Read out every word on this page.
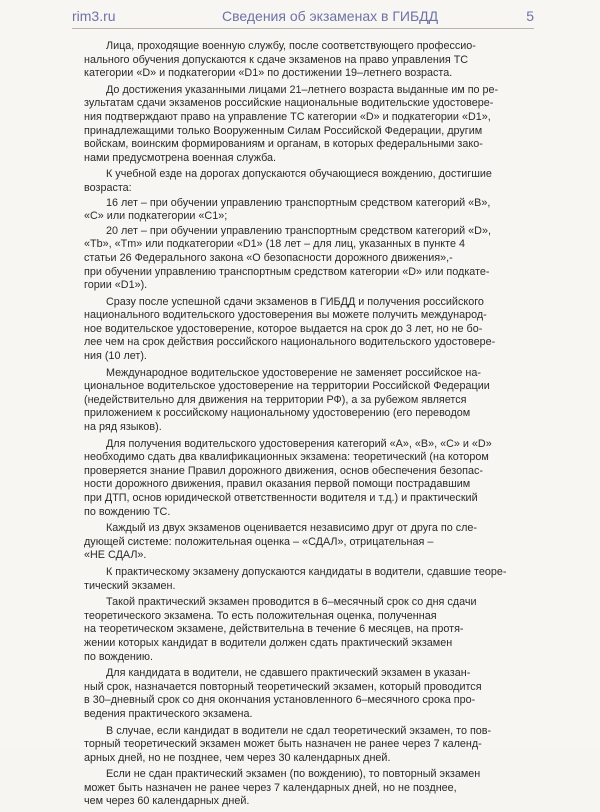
rim3.ru	Сведения об экзаменах в ГИБДД	5

Лица, проходящие военную службу, после соответствующего профессио-
нального обучения допускаются к сдаче экзаменов на право управления ТС
категории «D» и подкатегории «D1» по достижении 19–летнего возраста.

До достижения указанными лицами 21–летнего возраста выданные им по ре-
зультатам сдачи экзаменов российские национальные водительские удостовере-
ния подтверждают право на управление ТС категории «D» и подкатегории «D1»,
принадлежащими только Вооруженным Силам Российской Федерации, другим
войскам, воинским формированиям и органам, в которых федеральными зако-
нами предусмотрена военная служба.

К учебной езде на дорогах допускаются обучающиеся вождению, достигшие
возраста:

16 лет – при обучении управлению транспортным средством категорий «В»,
«С» или подкатегории «С1»;

20 лет – при обучении управлению транспортным средством категорий «D»,
«Tb», «Tm» или подкатегории «D1» (18 лет – для лиц, указанных в пункте 4
статьи 26 Федерального закона «О безопасности дорожного движения»,-
при обучении управлению транспортным средством категории «D» или подкате-
гории «D1»).

Сразу после успешной сдачи экзаменов в ГИБДД и получения российского
национального водительского удостоверения вы можете получить международ-
ное водительское удостоверение, которое выдается на срок до 3 лет, но не бо-
лее чем на срок действия российского национального водительского удостовере-
ния (10 лет).

Международное водительское удостоверение не заменяет российское на-
циональное водительское удостоверение на территории Российской Федерации
(недействительно для движения на территории РФ), а за рубежом является
приложением к российскому национальному удостоверению (его переводом
на ряд языков).

Для получения водительского удостоверения категорий «А», «В», «С» и «D»
необходимо сдать два квалификационных экзамена: теоретический (на котором
проверяется знание Правил дорожного движения, основ обеспечения безопас-
ности дорожного движения, правил оказания первой помощи пострадавшим
при ДТП, основ юридической ответственности водителя и т.д.) и практический
по вождению ТС.

Каждый из двух экзаменов оценивается независимо друг от друга по сле-
дующей системе: положительная оценка – «СДАЛ», отрицательная –
«НЕ СДАЛ».

К практическому экзамену допускаются кандидаты в водители, сдавшие теоре-
тический экзамен.

Такой практический экзамен проводится в 6–месячный срок со дня сдачи
теоретического экзамена. То есть положительная оценка, полученная
на теоретическом экзамене, действительна в течение 6 месяцев, на протя-
жении которых кандидат в водители должен сдать практический экзамен
по вождению.

Для кандидата в водители, не сдавшего практический экзамен в указан-
ный срок, назначается повторный теоретический экзамен, который проводится
в 30–дневный срок со дня окончания установленного 6–месячного срока про-
ведения практического экзамена.

В случае, если кандидат в водители не сдал теоретический экзамен, то пов-
торный теоретический экзамен может быть назначен не ранее через 7 календ-
арных дней, но не позднее, чем через 30 календарных дней.

Если не сдан практический экзамен (по вождению), то повторный экзамен
может быть назначен не ранее через 7 календарных дней, но не позднее,
чем через 60 календарных дней.
